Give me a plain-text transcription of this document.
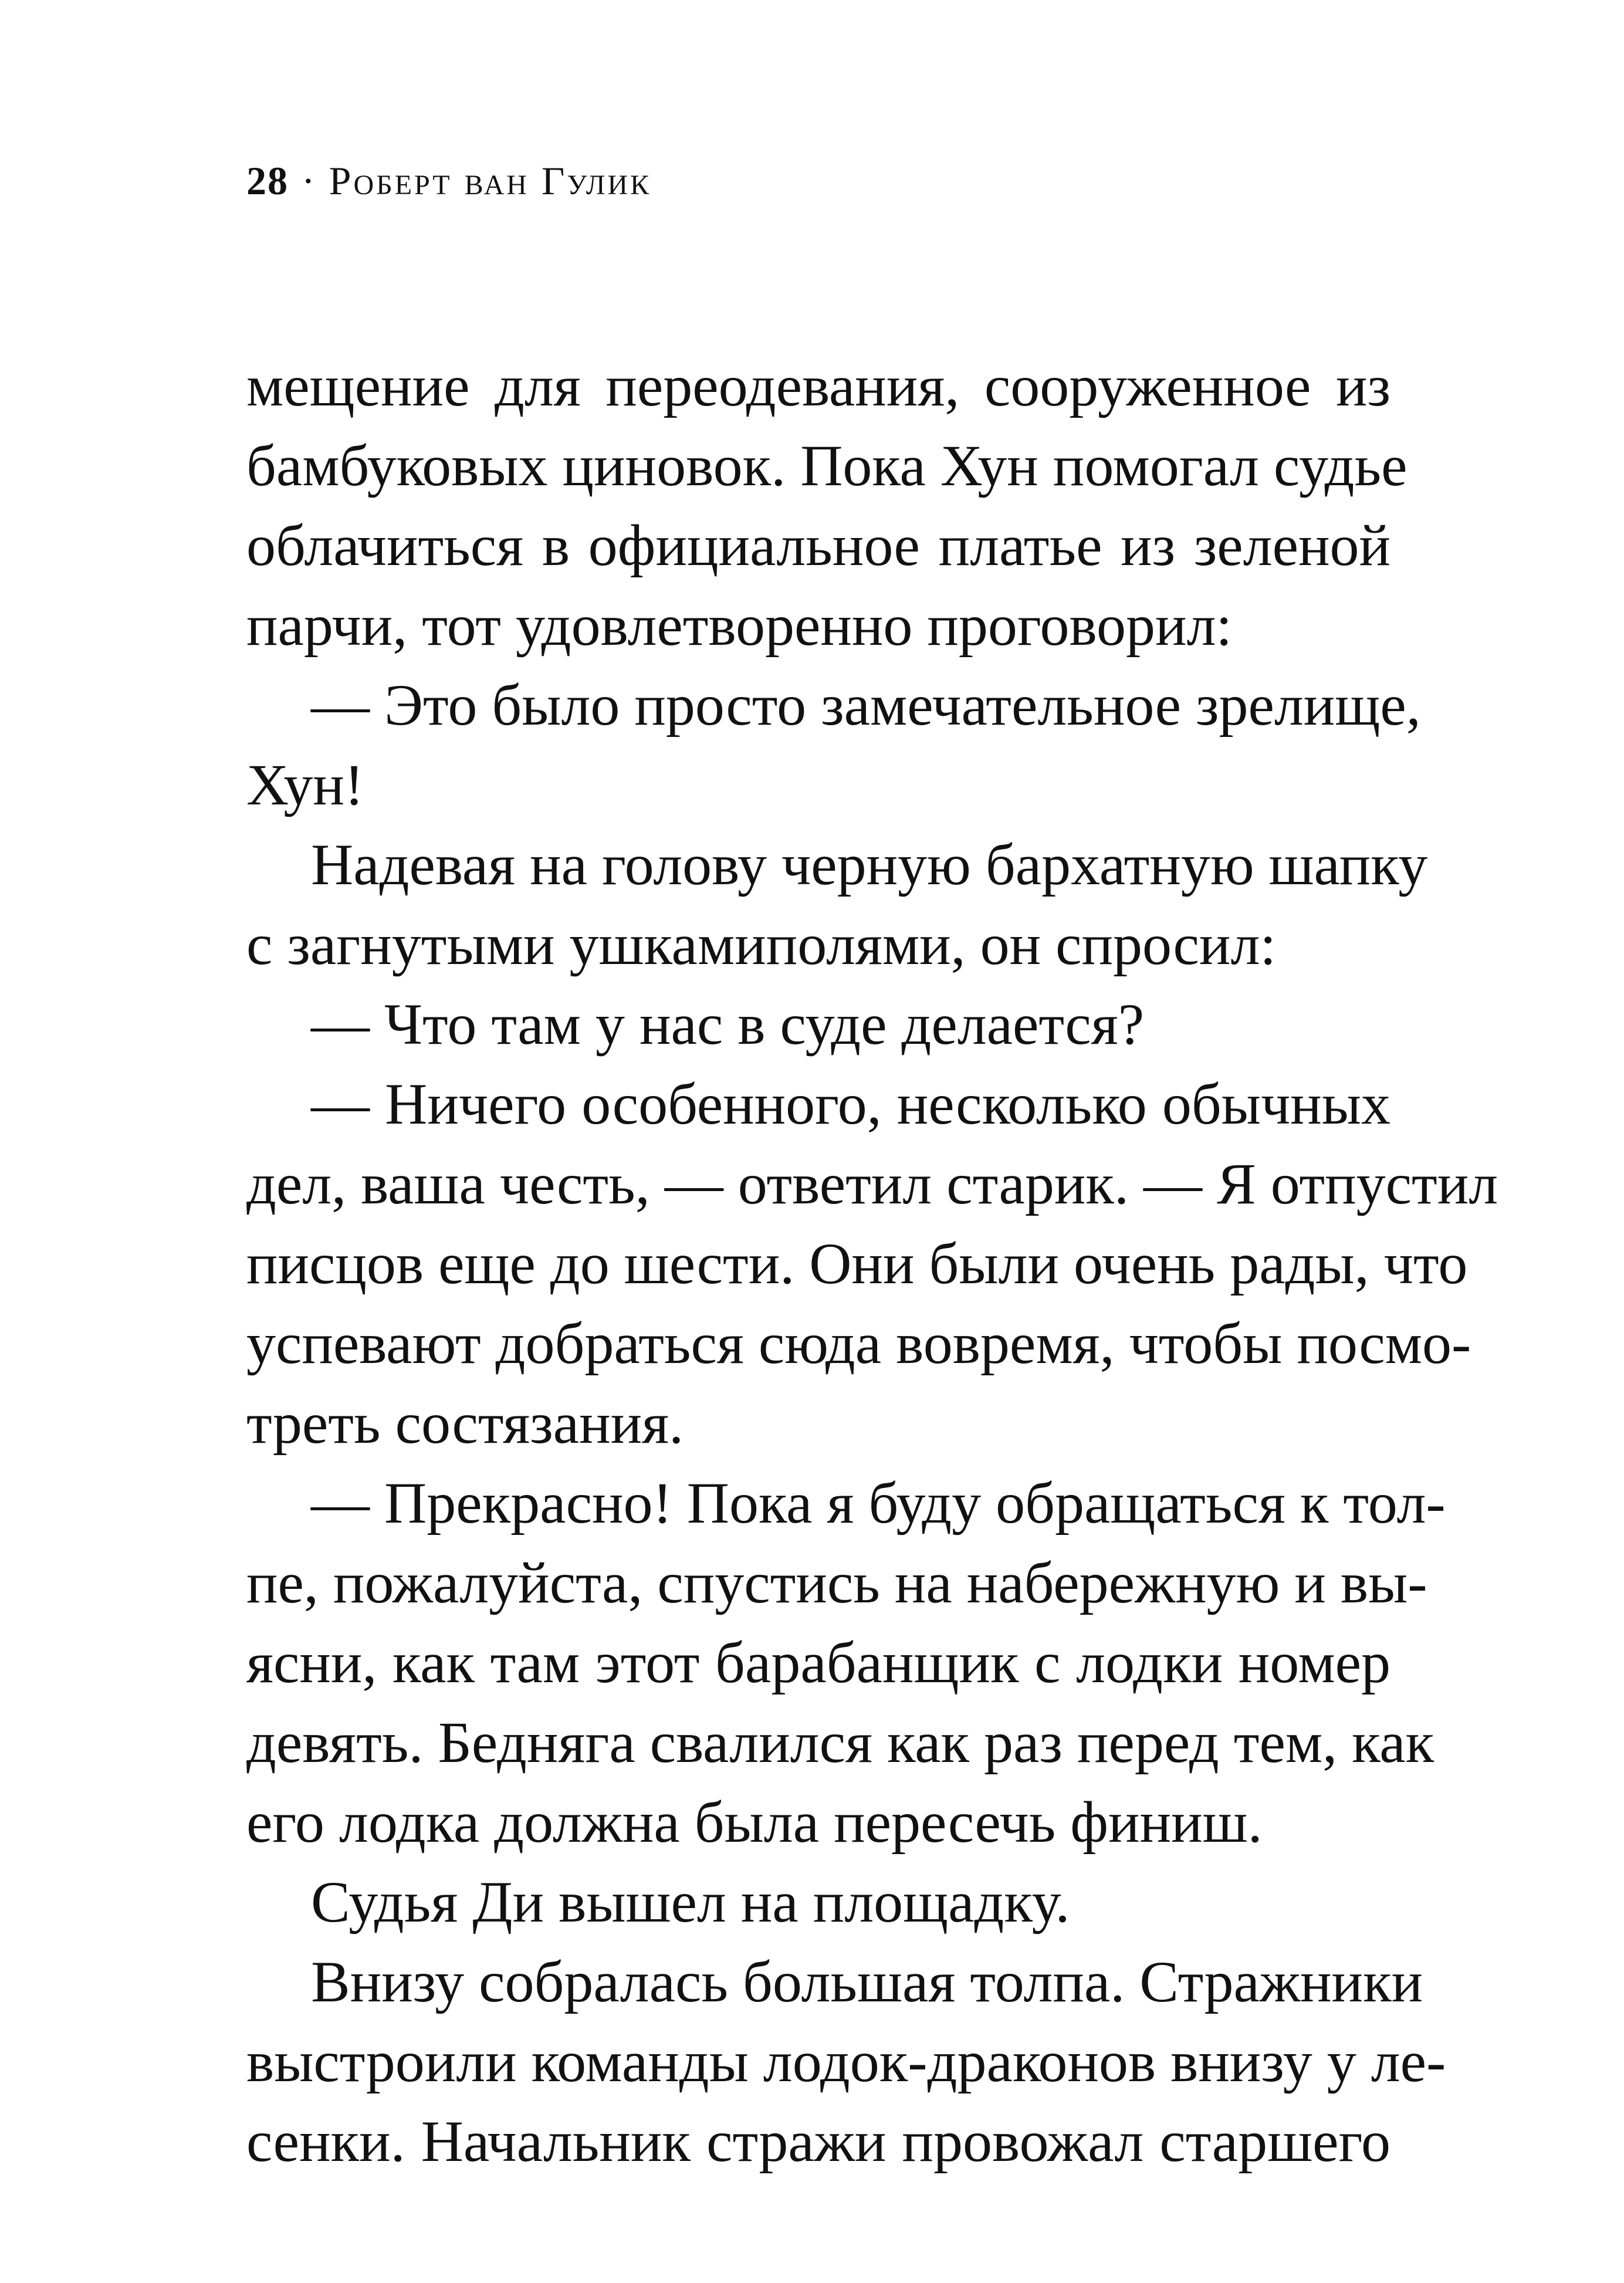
28 · Роберт ван Гулик
мещение для переодевания, сооруженное из
бамбуковых циновок. Пока Хун помогал судье
облачиться в официальное платье из зеленой
парчи, тот удовлетворенно проговорил:
— Это было просто замечательное зрелище,
Хун!
Надевая на голову черную бархатную шапку
с загнутыми ушкамиполями, он спросил:
— Что там у нас в суде делается?
— Ничего особенного, несколько обычных
дел, ваша честь, — ответил старик. — Я отпустил
писцов еще до шести. Они были очень рады, что
успевают добраться сюда вовремя, чтобы посмо-
треть состязания.
— Прекрасно! Пока я буду обращаться к тол-
пе, пожалуйста, спустись на набережную и вы-
ясни, как там этот барабанщик с лодки номер
девять. Бедняга свалился как раз перед тем, как
его лодка должна была пересечь финиш.
Судья Ди вышел на площадку.
Внизу собралась большая толпа. Стражники
выстроили команды лодок-драконов внизу у ле-
сенки. Начальник стражи провожал старшего
